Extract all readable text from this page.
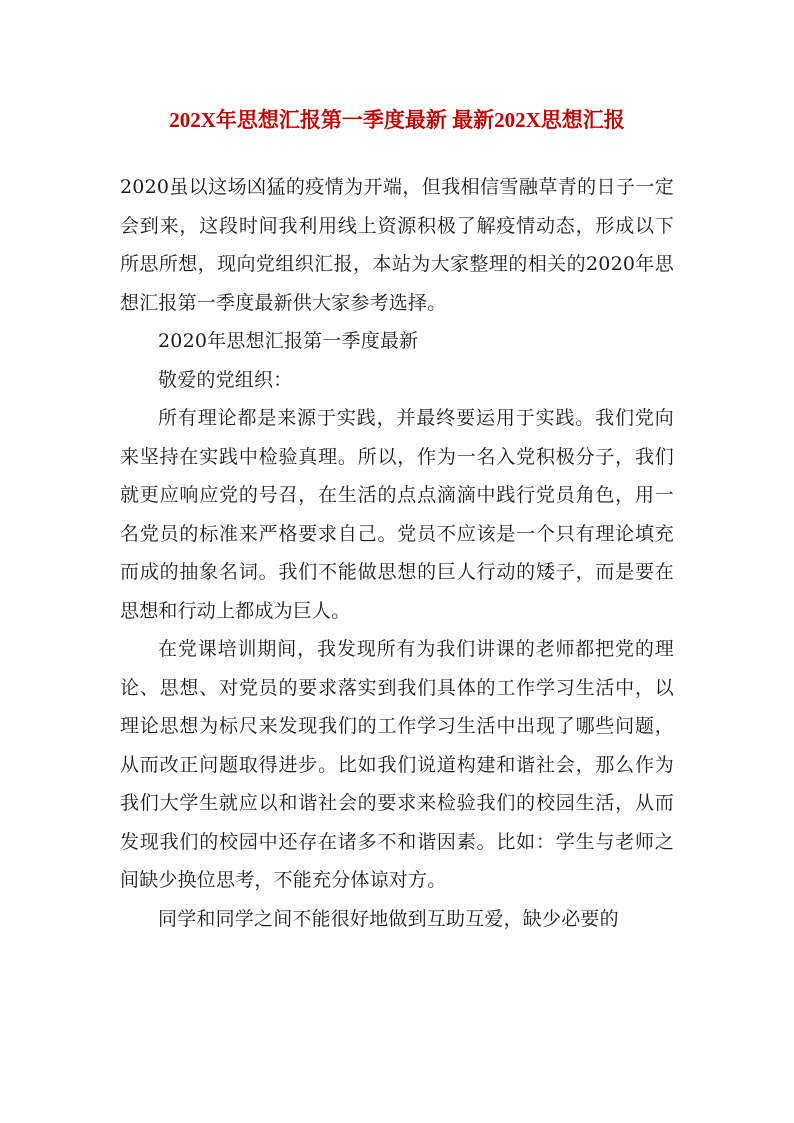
202X年思想汇报第一季度最新 最新202X思想汇报

2020虽以这场凶猛的疫情为开端，但我相信雪融草青的日子一定会到来，这段时间我利用线上资源积极了解疫情动态，形成以下所思所想，现向党组织汇报，本站为大家整理的相关的2020年思想汇报第一季度最新供大家参考选择。

2020年思想汇报第一季度最新

敬爱的党组织：

所有理论都是来源于实践，并最终要运用于实践。我们党向来坚持在实践中检验真理。所以，作为一名入党积极分子，我们就更应响应党的号召，在生活的点点滴滴中践行党员角色，用一名党员的标准来严格要求自己。党员不应该是一个只有理论填充而成的抽象名词。我们不能做思想的巨人行动的矮子，而是要在思想和行动上都成为巨人。

在党课培训期间，我发现所有为我们讲课的老师都把党的理论、思想、对党员的要求落实到我们具体的工作学习生活中，以理论思想为标尺来发现我们的工作学习生活中出现了哪些问题，从而改正问题取得进步。比如我们说道构建和谐社会，那么作为我们大学生就应以和谐社会的要求来检验我们的校园生活，从而发现我们的校园中还存在诸多不和谐因素。比如：学生与老师之间缺少换位思考，不能充分体谅对方。

同学和同学之间不能很好地做到互助互爱，缺少必要的
